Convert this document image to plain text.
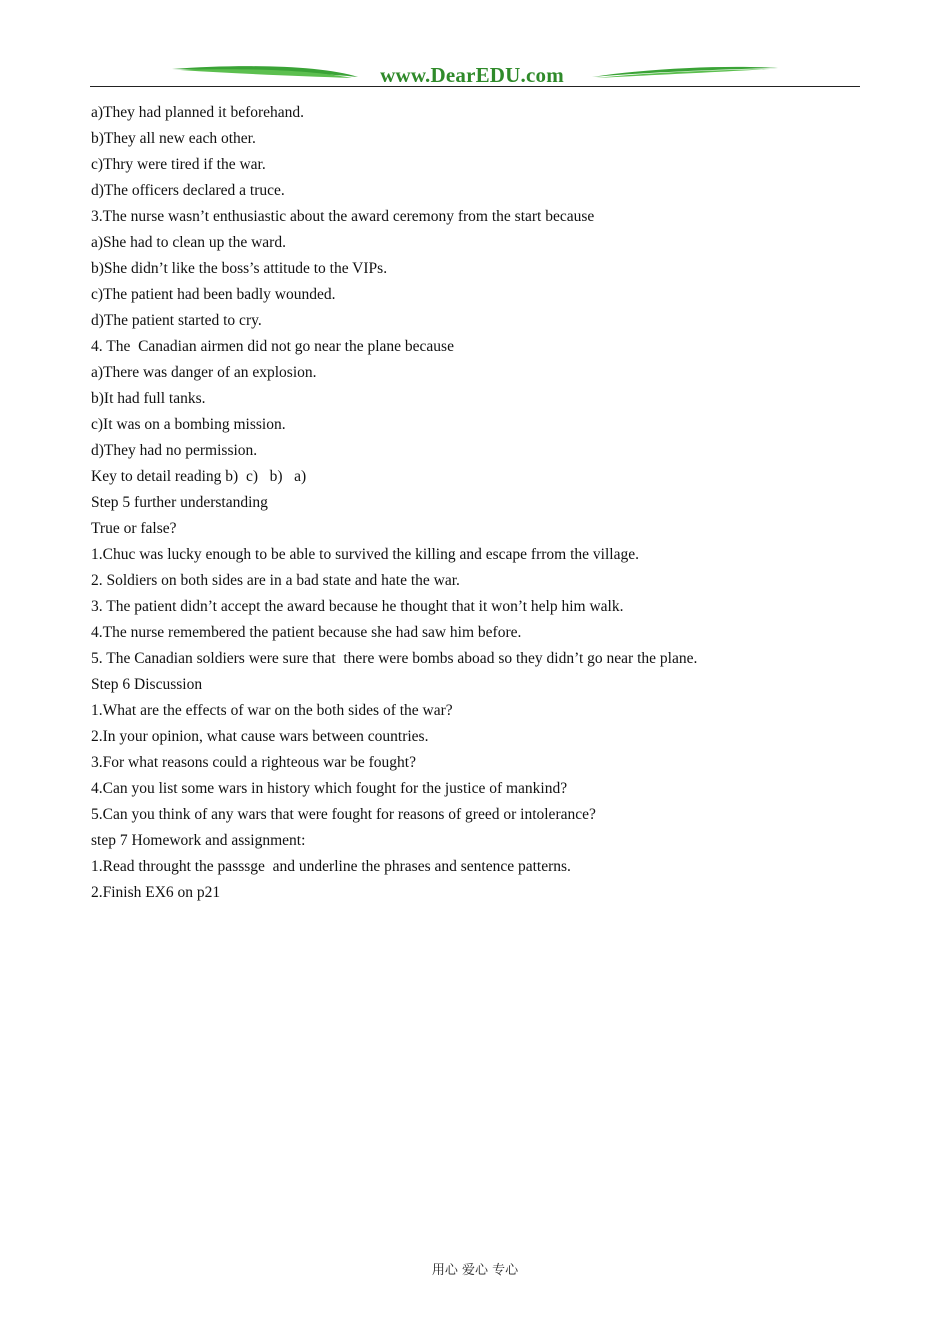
www.DearEDU.com
a)They had planned it beforehand.
b)They all new each other.
c)Thry were tired if the war.
d)The officers declared a truce.
3.The nurse wasn’t enthusiastic about the award ceremony from the start because
a)She had to clean up the ward.
b)She didn’t like the boss’s attitude to the VIPs.
c)The patient had been badly wounded.
d)The patient started to cry.
4. The  Canadian airmen did not go near the plane because
a)There was danger of an explosion.
b)It had full tanks.
c)It was on a bombing mission.
d)They had no permission.
Key to detail reading b)  c)   b)   a)
Step 5 further understanding
True or false?
1.Chuc was lucky enough to be able to survived the killing and escape frrom the village.
2. Soldiers on both sides are in a bad state and hate the war.
3. The patient didn’t accept the award because he thought that it won’t help him walk.
4.The nurse remembered the patient because she had saw him before.
5. The Canadian soldiers were sure that  there were bombs aboad so they didn’t go near the plane.
Step 6 Discussion
1.What are the effects of war on the both sides of the war?
2.In your opinion, what cause wars between countries.
3.For what reasons could a righteous war be fought?
4.Can you list some wars in history which fought for the justice of mankind?
5.Can you think of any wars that were fought for reasons of greed or intolerance?
step 7 Homework and assignment:
1.Read throught the passsge  and underline the phrases and sentence patterns.
2.Finish EX6 on p21
用心 爱心 专心
